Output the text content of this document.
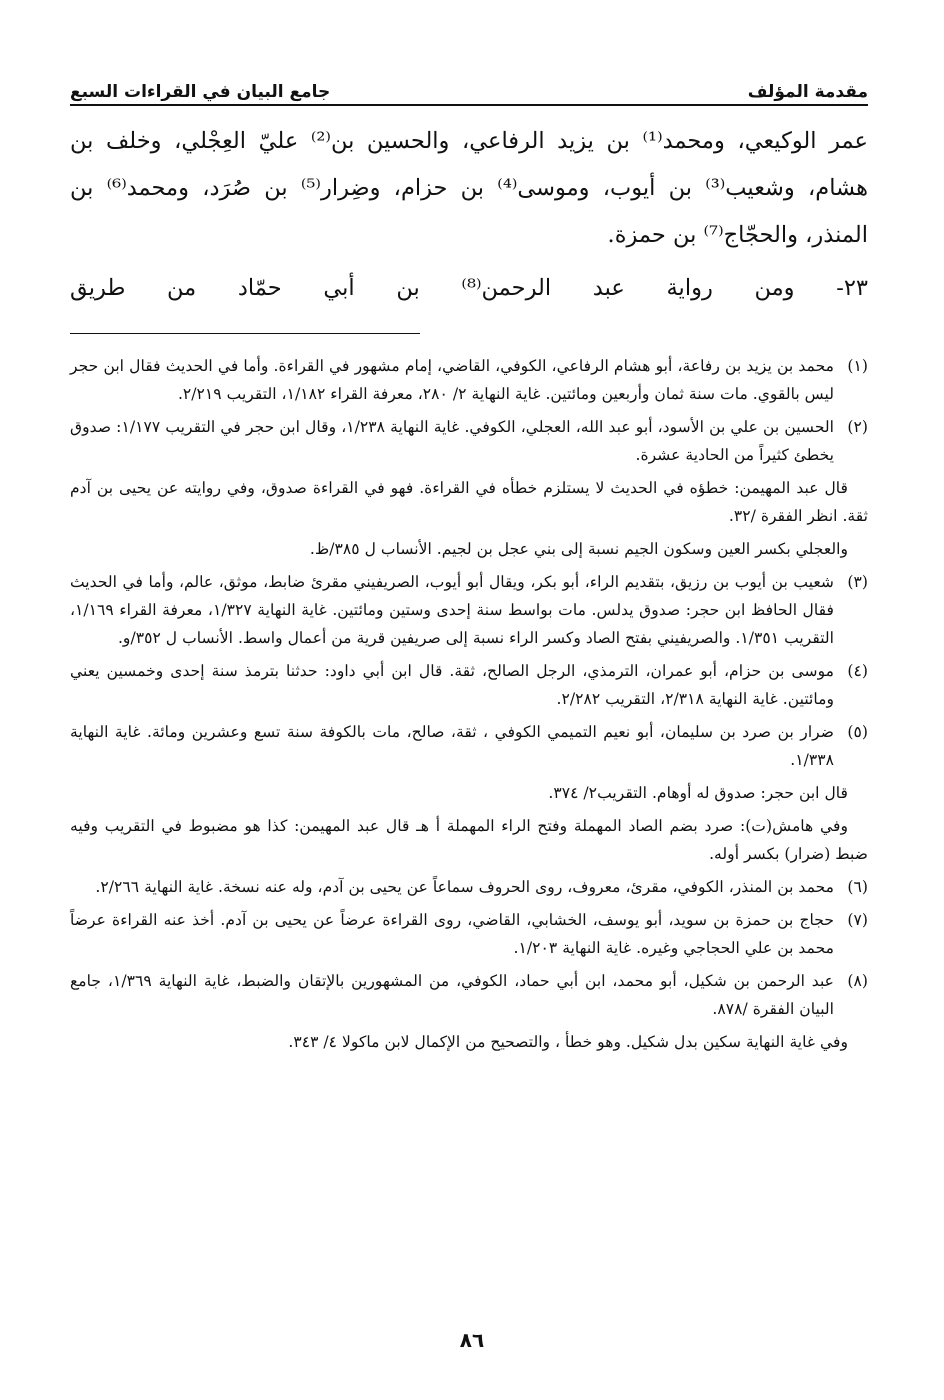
مقدمة المؤلف
جامع البيان في القراءات السبع

عمر الوكيعي، ومحمد⁽¹⁾ بن يزيد الرفاعي، والحسين بن⁽²⁾ عليّ العِجْلي، وخلف بن هشام، وشعيب⁽³⁾ بن أيوب، وموسى⁽⁴⁾ بن حزام، وضِرار⁽⁵⁾ بن صُرَد، ومحمد⁽⁶⁾ بن المنذر، والحجّاج⁽⁷⁾ بن حمزة.

٢٣- ومن رواية عبد الرحمن⁽⁸⁾ بن أبي حمّاد من طريق

(١)محمد بن يزيد بن رفاعة، أبو هشام الرفاعي، الكوفي، القاضي، إمام مشهور في القراءة. وأما في الحديث فقال ابن حجر ليس بالقوي. مات سنة ثمان وأربعين ومائتين. غاية النهاية ٢/ ٢٨٠، معرفة القراء ١/١٨٢، التقريب ٢/٢١٩.

(٢)الحسين بن علي بن الأسود، أبو عبد الله، العجلي، الكوفي. غاية النهاية ١/٢٣٨، وقال ابن حجر في التقريب ١/١٧٧: صدوق يخطئ كثيراً من الحادية عشرة.

قال عبد المهيمن: خطؤه في الحديث لا يستلزم خطأه في القراءة. فهو في القراءة صدوق، وفي روايته عن يحيى بن آدم ثقة. انظر الفقرة /٣٢.

والعجلي بكسر العين وسكون الجيم نسبة إلى بني عجل بن لجيم. الأنساب ل ٣٨٥/ظ.

(٣)شعيب بن أيوب بن رزيق، بتقديم الراء، أبو بكر، ويقال أبو أيوب، الصريفيني مقرئ ضابط، موثق، عالم، وأما في الحديث فقال الحافظ ابن حجر: صدوق يدلس. مات بواسط سنة إحدى وستين ومائتين. غاية النهاية ١/٣٢٧، معرفة القراء ١/١٦٩، التقريب ١/٣٥١. والصريفيني بفتح الصاد وكسر الراء نسبة إلى صريفين قرية من أعمال واسط. الأنساب ل ٣٥٢/و.

(٤)موسى بن حزام، أبو عمران، الترمذي، الرجل الصالح، ثقة. قال ابن أبي داود: حدثنا بترمذ سنة إحدى وخمسين يعني ومائتين. غاية النهاية ٢/٣١٨، التقريب ٢/٢٨٢.

(٥)ضرار بن صرد بن سليمان، أبو نعيم التميمي الكوفي ، ثقة، صالح، مات بالكوفة سنة تسع وعشرين ومائة. غاية النهاية ١/٣٣٨.

قال ابن حجر: صدوق له أوهام. التقريب٢/ ٣٧٤.

وفي هامش(ت): صرد بضم الصاد المهملة وفتح الراء المهملة أ هـ قال عبد المهيمن: كذا هو مضبوط في التقريب وفيه ضبط (ضرار) بكسر أوله.

(٦)محمد بن المنذر، الكوفي، مقرئ، معروف، روى الحروف سماعاً عن يحيى بن آدم، وله عنه نسخة. غاية النهاية ٢/٢٦٦.

(٧)حجاج بن حمزة بن سويد، أبو يوسف، الخشابي، القاضي، روى القراءة عرضاً عن يحيى بن آدم. أخذ عنه القراءة عرضاً محمد بن علي الحجاجي وغيره. غاية النهاية ١/٢٠٣.

(٨)عبد الرحمن بن شكيل، أبو محمد، ابن أبي حماد، الكوفي، من المشهورين بالإتقان والضبط، غاية النهاية ١/٣٦٩، جامع البيان الفقرة /٨٧٨.

وفي غاية النهاية سكين بدل شكيل. وهو خطأ ، والتصحيح من الإكمال لابن ماكولا ٤/ ٣٤٣.

٨٦
